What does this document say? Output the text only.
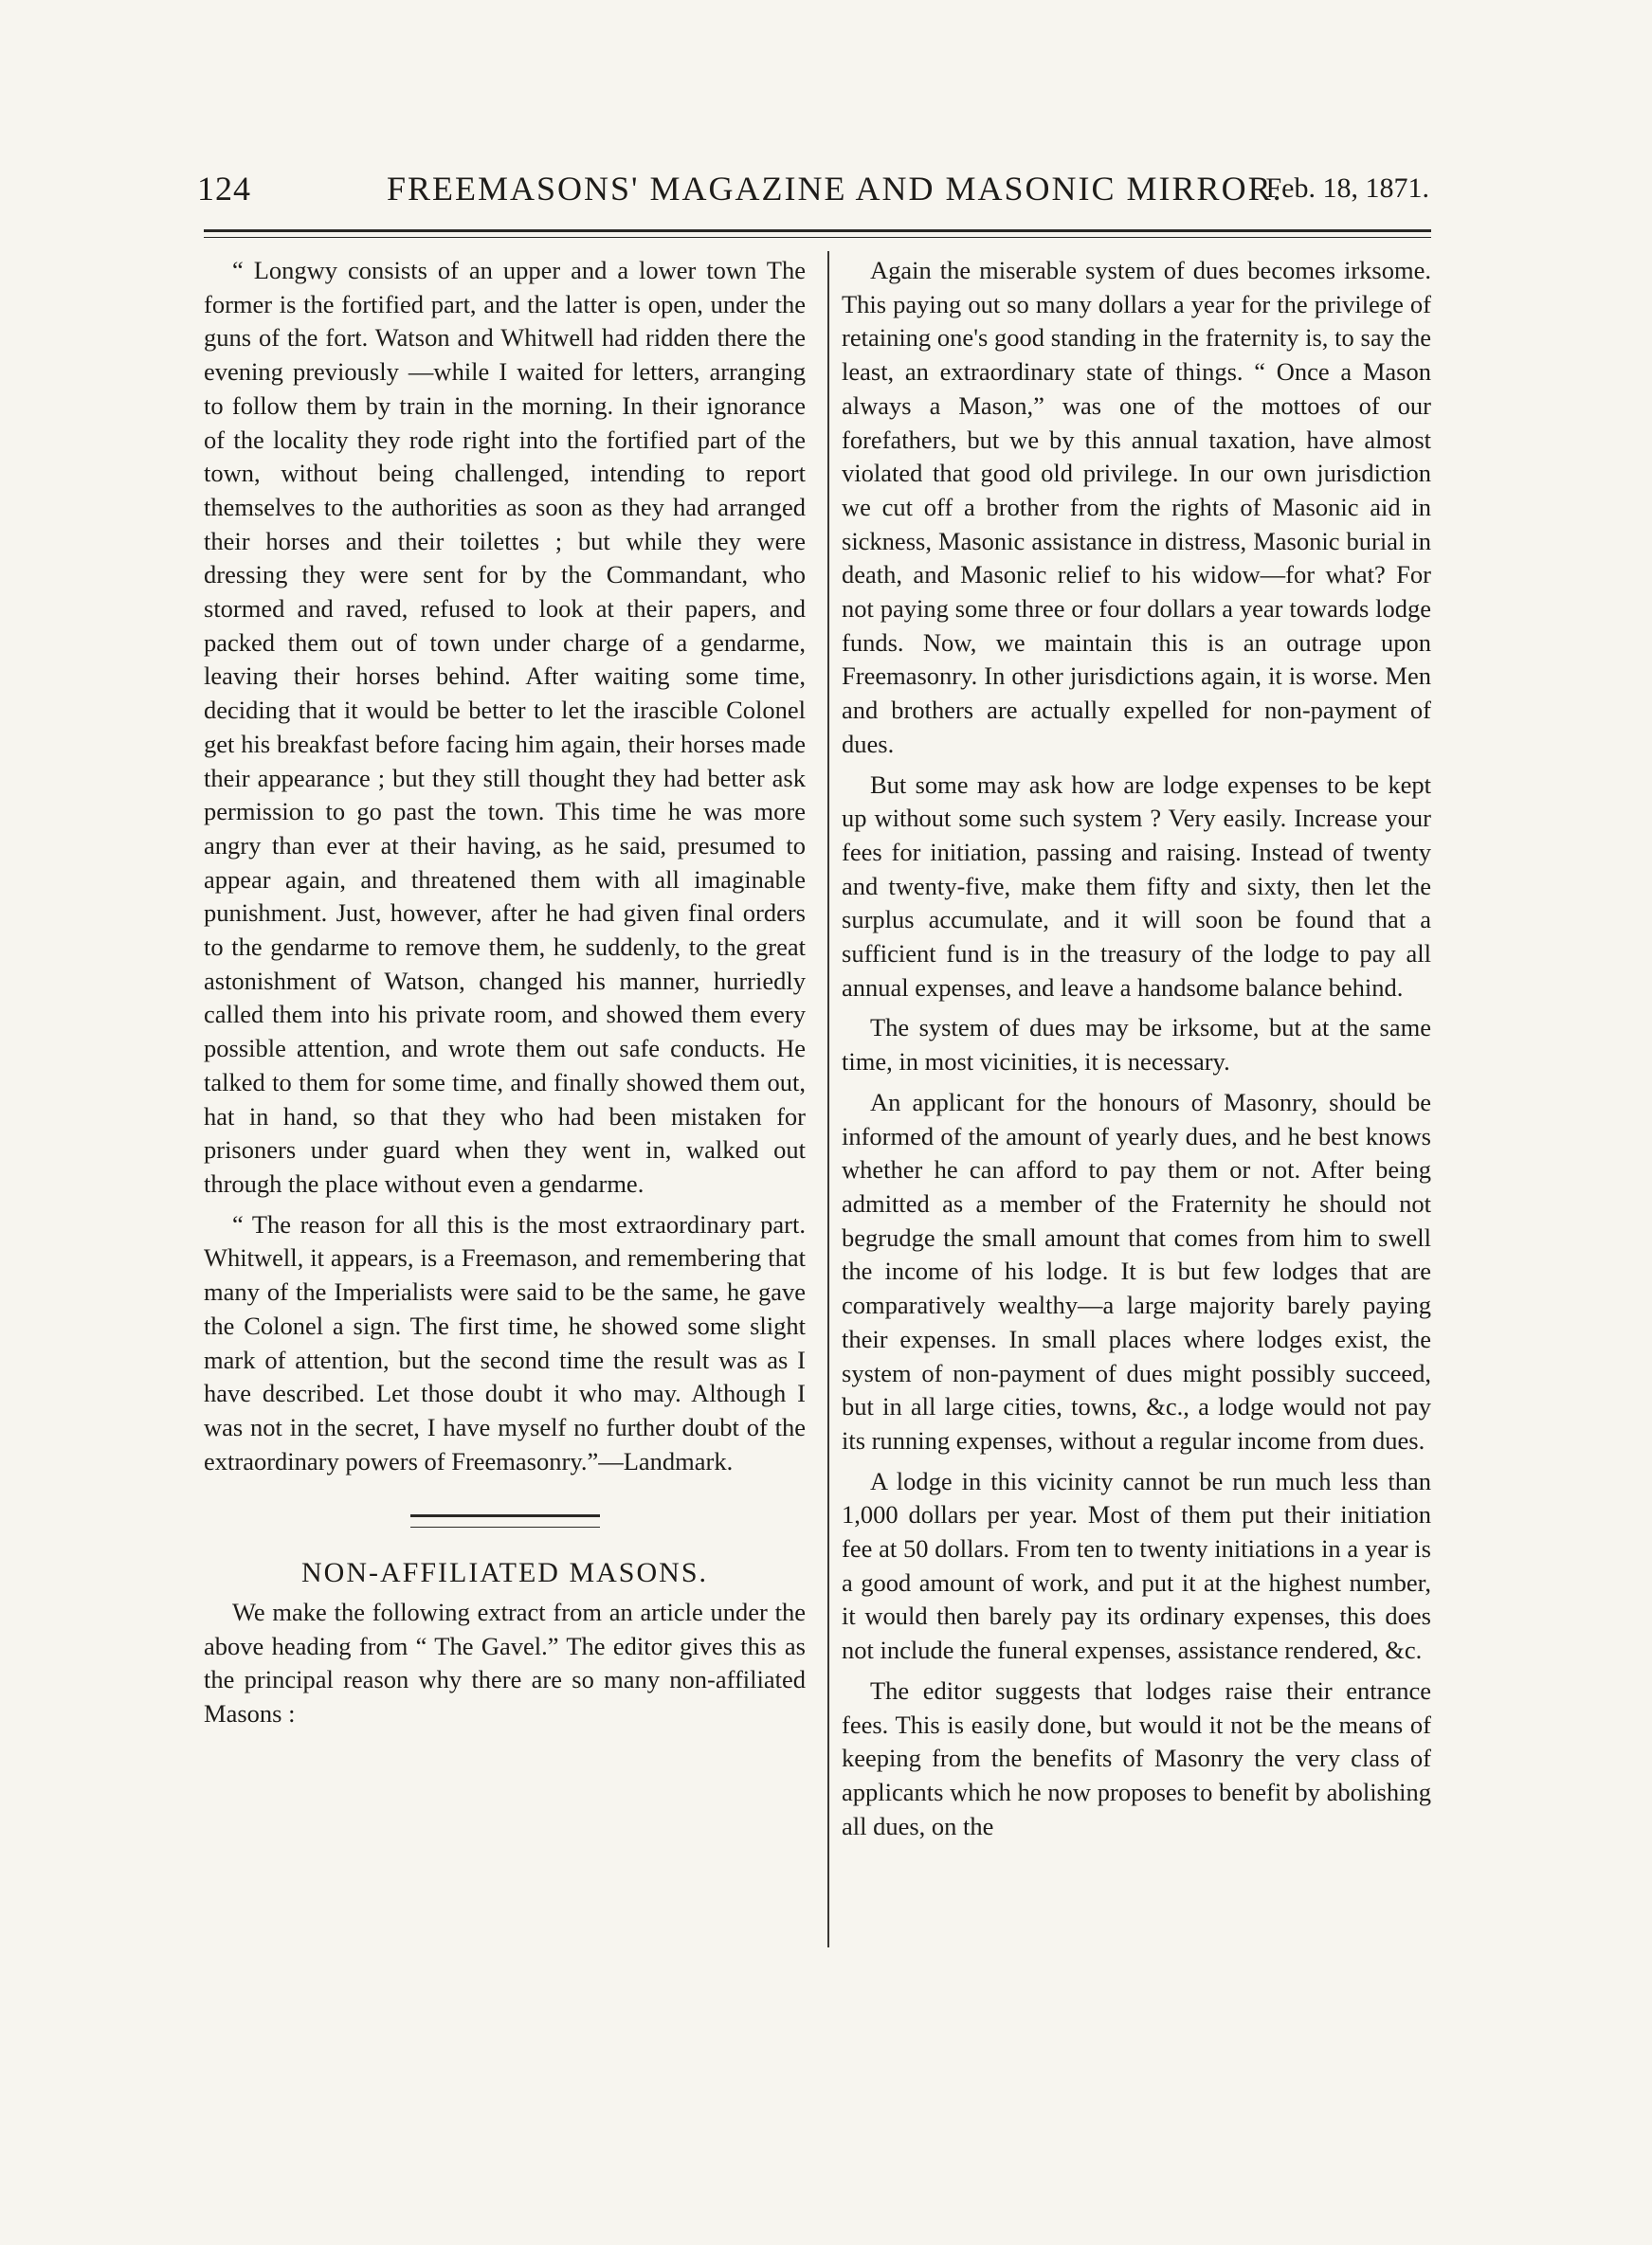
124	FREEMASONS' MAGAZINE AND MASONIC MIRROR.
Feb. 18, 1871.

“ Longwy consists of an upper and a lower town The former is the fortified part, and the latter is open, under the guns of the fort. Watson and Whitwell had ridden there the evening previously —while I waited for letters, arranging to follow them by train in the morning. In their ignorance of the locality they rode right into the fortified part of the town, without being challenged, intending to report themselves to the authorities as soon as they had arranged their horses and their toilettes ; but while they were dressing they were sent for by the Commandant, who stormed and raved, refused to look at their papers, and packed them out of town under charge of a gendarme, leaving their horses behind. After waiting some time, deciding that it would be better to let the irascible Colonel get his breakfast before facing him again, their horses made their appearance ; but they still thought they had better ask permission to go past the town. This time he was more angry than ever at their having, as he said, presumed to appear again, and threatened them with all imaginable punishment. Just, however, after he had given final orders to the gendarme to remove them, he suddenly, to the great astonishment of Watson, changed his manner, hurriedly called them into his private room, and showed them every possible attention, and wrote them out safe conducts. He talked to them for some time, and finally showed them out, hat in hand, so that they who had been mistaken for prisoners under guard when they went in, walked out through the place without even a gendarme.

“ The reason for all this is the most extraordinary part. Whitwell, it appears, is a Freemason, and remembering that many of the Imperialists were said to be the same, he gave the Colonel a sign. The first time, he showed some slight mark of attention, but the second time the result was as I have described. Let those doubt it who may. Although I was not in the secret, I have myself no further doubt of the extraordinary powers of Freemasonry.”—Landmark.

NON-AFFILIATED MASONS.

We make the following extract from an article under the above heading from “ The Gavel.” The editor gives this as the principal reason why there are so many non-affiliated Masons :

Again the miserable system of dues becomes irksome. This paying out so many dollars a year for the privilege of retaining one's good standing in the fraternity is, to say the least, an extraordinary state of things. “ Once a Mason always a Mason,” was one of the mottoes of our forefathers, but we by this annual taxation, have almost violated that good old privilege. In our own jurisdiction we cut off a brother from the rights of Masonic aid in sickness, Masonic assistance in distress, Masonic burial in death, and Masonic relief to his widow—for what? For not paying some three or four dollars a year towards lodge funds. Now, we maintain this is an outrage upon Freemasonry. In other jurisdictions again, it is worse. Men and brothers are actually expelled for non-payment of dues.

But some may ask how are lodge expenses to be kept up without some such system ? Very easily. Increase your fees for initiation, passing and raising. Instead of twenty and twenty-five, make them fifty and sixty, then let the surplus accumulate, and it will soon be found that a sufficient fund is in the treasury of the lodge to pay all annual expenses, and leave a handsome balance behind.

The system of dues may be irksome, but at the same time, in most vicinities, it is necessary.

An applicant for the honours of Masonry, should be informed of the amount of yearly dues, and he best knows whether he can afford to pay them or not. After being admitted as a member of the Fraternity he should not begrudge the small amount that comes from him to swell the income of his lodge. It is but few lodges that are comparatively wealthy—a large majority barely paying their expenses. In small places where lodges exist, the system of non-payment of dues might possibly succeed, but in all large cities, towns, &c., a lodge would not pay its running expenses, without a regular income from dues.

A lodge in this vicinity cannot be run much less than 1,000 dollars per year. Most of them put their initiation fee at 50 dollars. From ten to twenty initiations in a year is a good amount of work, and put it at the highest number, it would then barely pay its ordinary expenses, this does not include the funeral expenses, assistance rendered, &c.

The editor suggests that lodges raise their entrance fees. This is easily done, but would it not be the means of keeping from the benefits of Masonry the very class of applicants which he now proposes to benefit by abolishing all dues, on the
